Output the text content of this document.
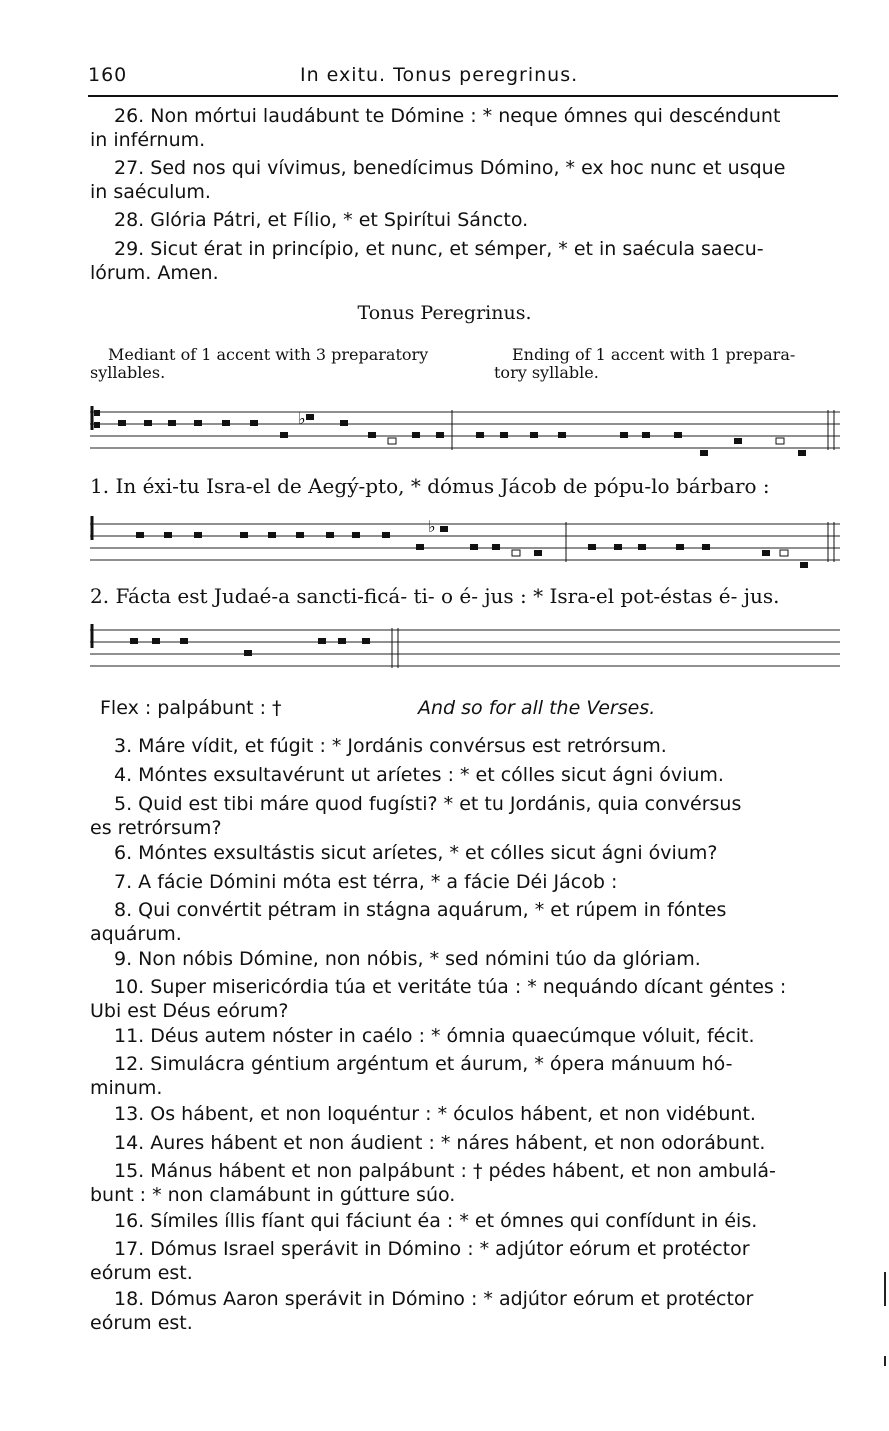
160	In exitu. Tonus peregrinus.
26. Non mórtui laudábunt te Dómine : * neque ómnes qui descéndunt
in inférnum.
27. Sed nos qui vívimus, benedícimus Dómino, * ex hoc nunc et usque
in saéculum.
28. Glória Pátri, et Fílio, * et Spirítui Sáncto.
29. Sicut érat in princípio, et nunc, et sémper, * et in saécula saecu-
lórum. Amen.
Tonus Peregrinus.
Mediant of 1 accent with 3 preparatory
syllables.
Ending of 1 accent with 1 prepara-
tory syllable.
♭
1. In éxi-tu Isra-el de Aegý-pto, * dómus Jácob de pópu-lo bárbaro :
♭
2. Fácta est Judaé-a sancti-ficá- ti- o é- jus : * Isra-el pot-éstas é- jus.
Flex : palpábunt : †	And so for all the Verses.
3. Máre vídit, et fúgit : * Jordánis convérsus est retrórsum.
4. Móntes exsultavérunt ut aríetes : * et cólles sicut ágni óvium.
5. Quid est tibi máre quod fugísti? * et tu Jordánis, quia convérsus
es retrórsum?
6. Móntes exsultástis sicut aríetes, * et cólles sicut ágni óvium?
7. A fácie Dómini móta est térra, * a fácie Déi Jácob :
8. Qui convértit pétram in stágna aquárum, * et rúpem in fóntes
aquárum.
9. Non nóbis Dómine, non nóbis, * sed nómini túo da glóriam.
10. Super misericórdia túa et veritáte túa : * nequándo dícant géntes :
Ubi est Déus eórum?
11. Déus autem nóster in caélo : * ómnia quaecúmque vóluit, fécit.
12. Simulácra géntium argéntum et áurum, * ópera mánuum hó-
minum.
13. Os hábent, et non loquéntur : * óculos hábent, et non vidébunt.
14. Aures hábent et non áudient : * náres hábent, et non odorábunt.
15. Mánus hábent et non palpábunt : † pédes hábent, et non ambulá-
bunt : * non clamábunt in gútture súo.
16. Símiles íllis fíant qui fáciunt éa : * et ómnes qui confídunt in éis.
17. Dómus Israel sperávit in Dómino : * adjútor eórum et protéctor
eórum est.
18. Dómus Aaron sperávit in Dómino : * adjútor eórum et protéctor
eórum est.
